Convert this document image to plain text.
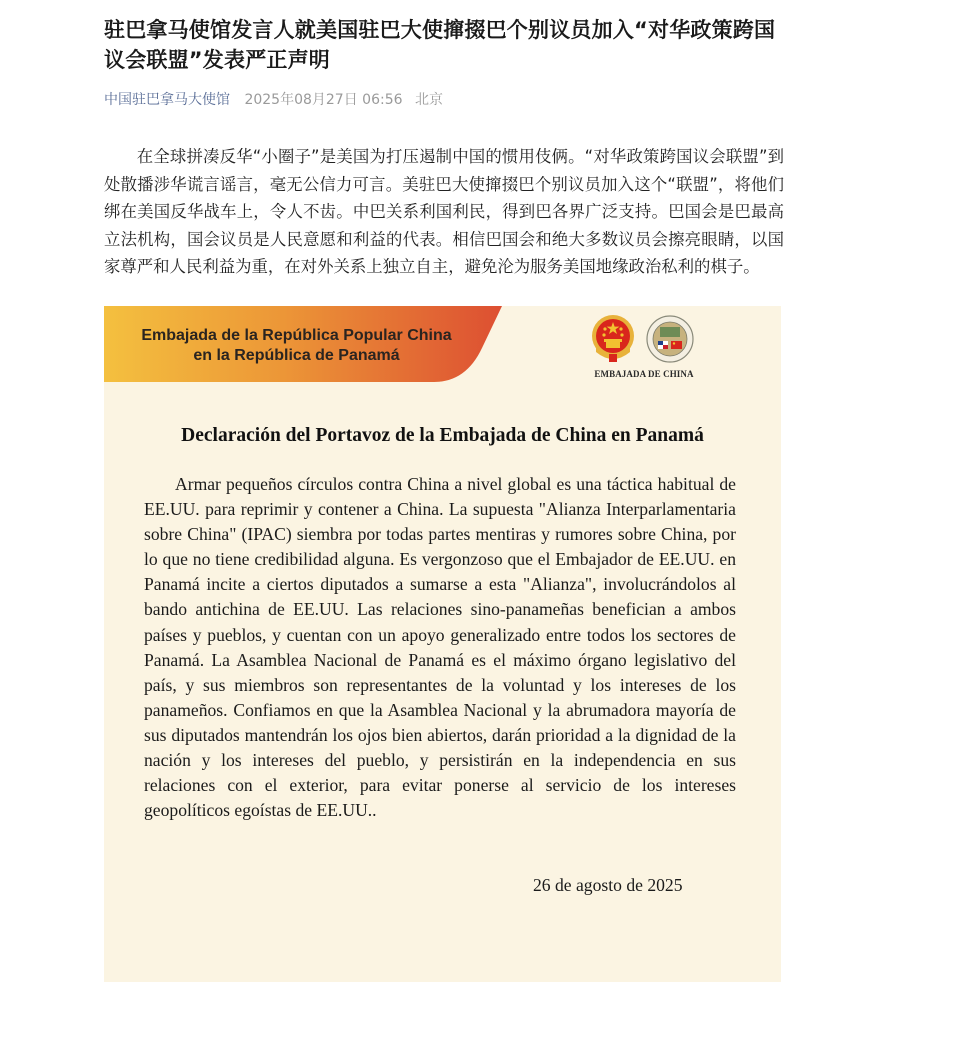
驻巴拿马使馆发言人就美国驻巴大使撺掇巴个别议员加入“对华政策跨国议会联盟”发表严正声明
中国驻巴拿马大使馆 2025年08月27日 06:56 北京

在全球拼凑反华“小圈子”是美国为打压遏制中国的惯用伎俩。“对华政策跨国议会联盟”到处散播涉华谎言谣言，毫无公信力可言。美驻巴大使撺掇巴个别议员加入这个“联盟”，将他们绑在美国反华战车上，令人不齿。中巴关系利国利民，得到巴各界广泛支持。巴国会是巴最高立法机构，国会议员是人民意愿和利益的代表。相信巴国会和绝大多数议员会擦亮眼睛，以国家尊严和人民利益为重，在对外关系上独立自主，避免沦为服务美国地缘政治私利的棋子。

Embajada de la República Popular China
en la República de Panamá
EMBAJADA DE CHINA
Declaración del Portavoz de la Embajada de China en Panamá

Armar pequeños círculos contra China a nivel global es una táctica habitual de EE.UU. para reprimir y contener a China. La supuesta "Alianza Interparlamentaria sobre China" (IPAC) siembra por todas partes mentiras y rumores sobre China, por lo que no tiene credibilidad alguna. Es vergonzoso que el Embajador de EE.UU. en Panamá incite a ciertos diputados a sumarse a esta "Alianza", involucrándolos al bando antichina de EE.UU. Las relaciones sino-panameñas benefician a ambos países y pueblos, y cuentan con un apoyo generalizado entre todos los sectores de Panamá. La Asamblea Nacional de Panamá es el máximo órgano legislativo del país, y sus miembros son representantes de la voluntad y los intereses de los panameños. Confiamos en que la Asamblea Nacional y la abrumadora mayoría de sus diputados mantendrán los ojos bien abiertos, darán prioridad a la dignidad de la nación y los intereses del pueblo, y persistirán en la independencia en sus relaciones con el exterior, para evitar ponerse al servicio de los intereses geopolíticos egoístas de EE.UU..

26 de agosto de 2025
